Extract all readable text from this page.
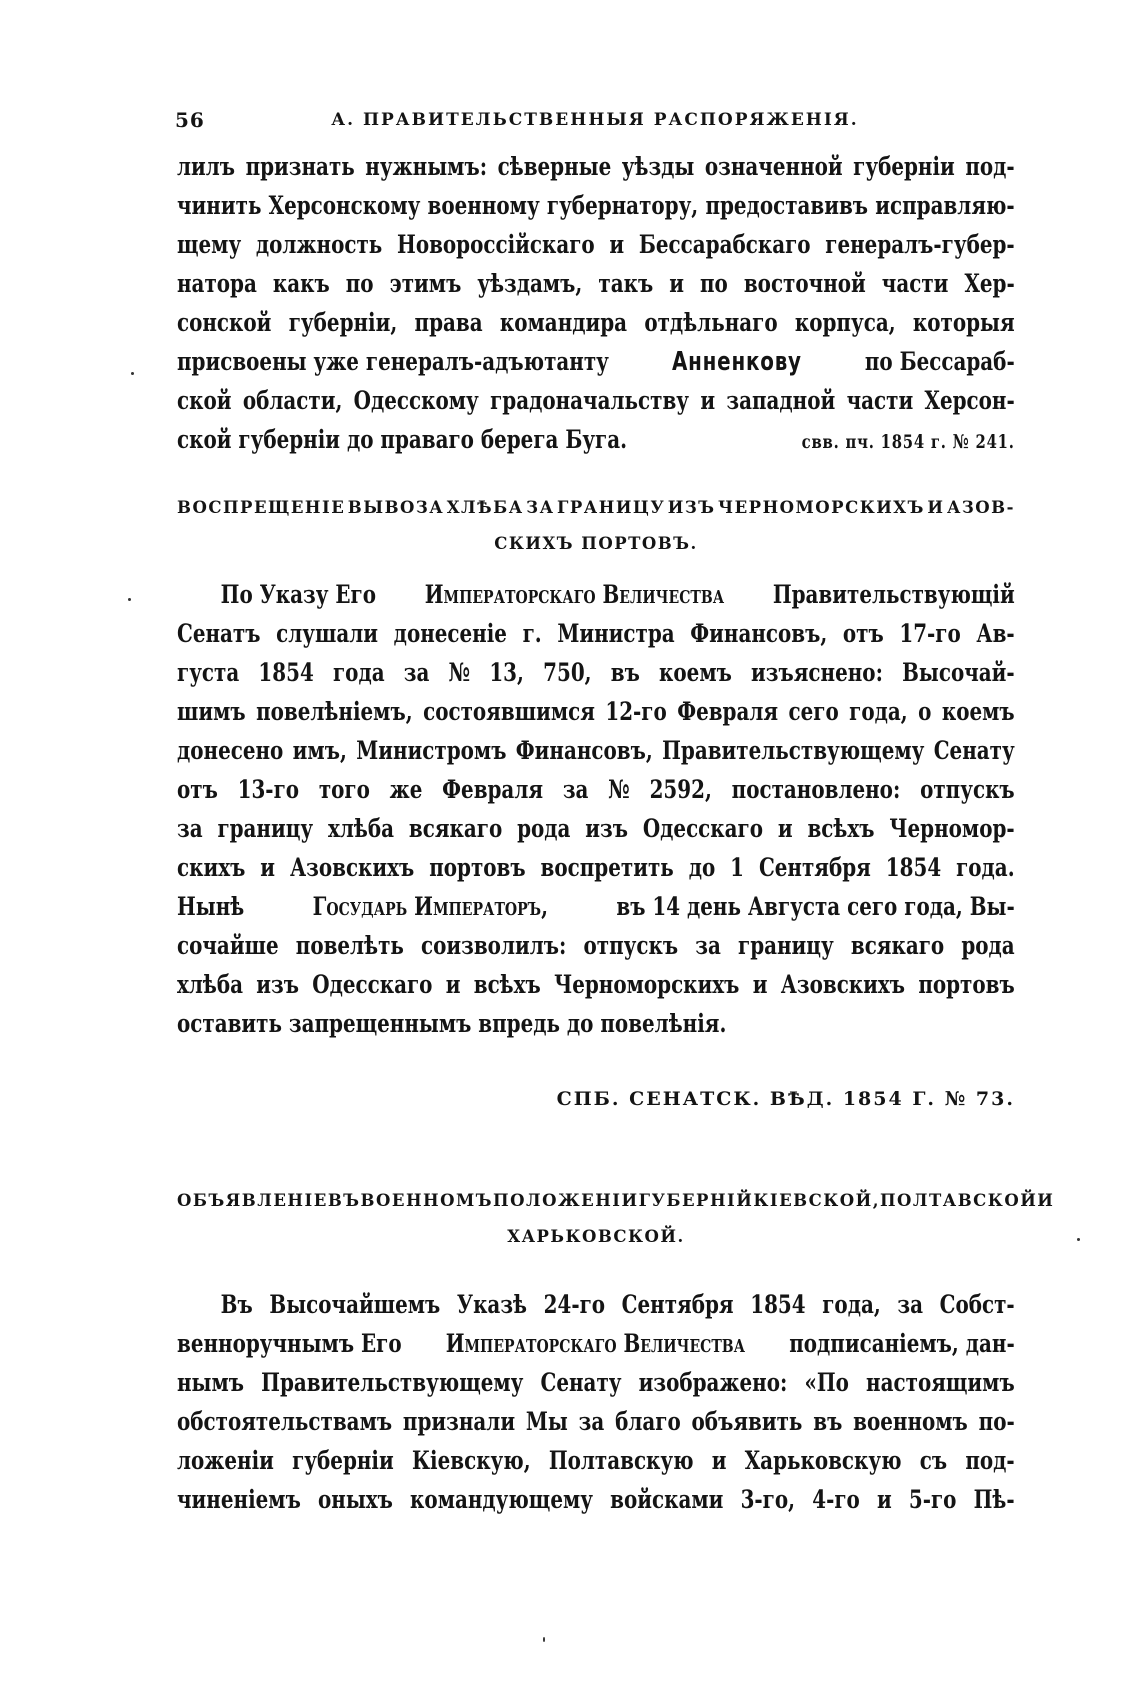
56	А. ПРАВИТЕЛЬСТВЕННЫЯ РАСПОРЯЖЕНІЯ.
лилъ признать нужнымъ: сѣверные уѣзды означенной губерніи под-
чинить Херсонскому военному губернатору, предоставивъ исправляю-
щему должность Новороссійскаго и Бессарабскаго генералъ-губер-
натора какъ по этимъ уѣздамъ, такъ и по восточной части Хер-
сонской губерніи, права командира отдѣльнаго корпуса, которыя
присвоены уже генералъ-адъютанту Анненкову по Бессараб-
ской области, Одесскому градоначальству и западной части Херсон-
ской губерніи до праваго берега Буга.	свв. пч. 1854 г. № 241.
ВОСПРЕЩЕНІЕ ВЫВОЗА ХЛѢБА ЗА ГРАНИЦУ ИЗЪ ЧЕРНОМОРСКИХЪ И АЗОВ-
СКИХЪ ПОРТОВЪ.
По Указу Его Императорскаго Величества Правительствующій
Сенатъ слушали донесеніе г. Министра Финансовъ, отъ 17-го Ав-
густа 1854 года за № 13, 750, въ коемъ изъяснено: Высочай-
шимъ повелѣніемъ, состоявшимся 12-го Февраля сего года, о коемъ
донесено имъ, Министромъ Финансовъ, Правительствующему Сенату
отъ 13-го того же Февраля за № 2592, постановлено: отпускъ
за границу хлѣба всякаго рода изъ Одесскаго и всѣхъ Черномор-
скихъ и Азовскихъ портовъ воспретить до 1 Сентября 1854 года.
Нынѣ	Государь Императоръ,	въ 14 день Августа сего года, Вы-
сочайше повелѣть соизволилъ: отпускъ за границу всякаго рода
хлѣба изъ Одесскаго и всѣхъ Черноморскихъ и Азовскихъ портовъ
оставить запрещеннымъ впредь до повелѣнія.
СПБ. СЕНАТСК. ВѢД. 1854 Г. № 73.
ОБЪЯВЛЕНІЕ ВЪ ВОЕННОМЪ ПОЛОЖЕНІИ ГУБЕРНІЙ КІЕВСКОЙ, ПОЛТАВСКОЙ И
ХАРЬКОВСКОЙ.
Въ Высочайшемъ Указѣ 24-го Сентября 1854 года, за Собст-
венноручнымъ Его Императорскаго Величества подписаніемъ, дан-
нымъ Правительствующему Сенату изображено: «По настоящимъ
обстоятельствамъ признали Мы за благо объявить въ военномъ по-
ложеніи губерніи Кіевскую, Полтавскую и Харьковскую съ под-
чиненіемъ оныхъ командующему войсками 3-го, 4-го и 5-го Пѣ-
